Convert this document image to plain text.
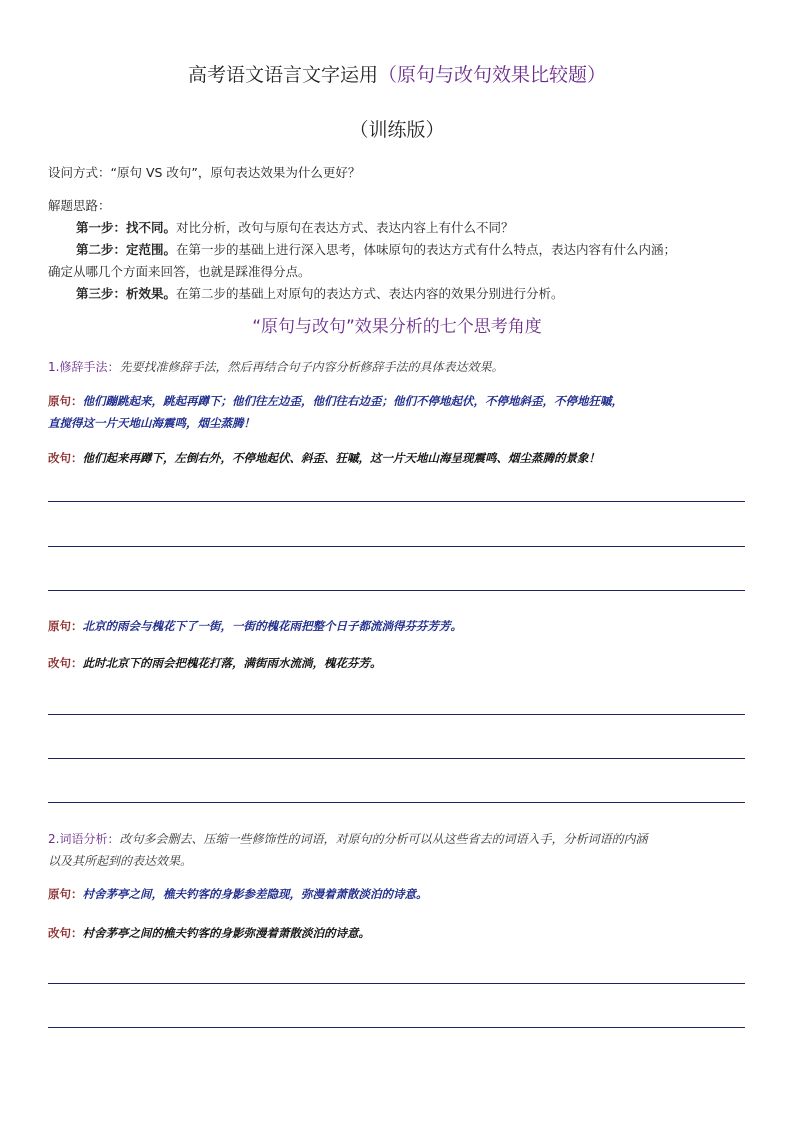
高考语文语言文字运用（原句与改句效果比较题）
（训练版）
设问方式：“原句 VS 改句”，原句表达效果为什么更好？
解题思路：
第一步：找不同。对比分析，改句与原句在表达方式、表达内容上有什么不同？
第二步：定范围。在第一步的基础上进行深入思考，体味原句的表达方式有什么特点，表达内容有什么内涵；
确定从哪几个方面来回答，也就是踩准得分点。
第三步：析效果。在第二步的基础上对原句的表达方式、表达内容的效果分别进行分析。
“原句与改句”效果分析的七个思考角度
1.修辞手法：先要找准修辞手法，然后再结合句子内容分析修辞手法的具体表达效果。
原句：他们蹦跳起来，跳起再蹲下；他们往左边歪，他们往右边歪；他们不停地起伏，不停地斜歪，不停地狂嘁，
直搅得这一片天地山海震鸣，烟尘蒸腾！
改句：他们起来再蹲下，左倒右外，不停地起伏、斜歪、狂嘁，这一片天地山海呈现震鸣、烟尘蒸腾的景象！
原句：北京的雨会与槐花下了一街，一街的槐花雨把整个日子都流淌得芬芬芳芳。
改句：此时北京下的雨会把槐花打落，满街雨水流淌，槐花芬芳。
2.词语分析：改句多会删去、压缩一些修饰性的词语，对原句的分析可以从这些省去的词语入手，分析词语的内涵
以及其所起到的表达效果。
原句：村舍茅亭之间，樵夫钓客的身影参差隐现，弥漫着萧散淡泊的诗意。
改句：村舍茅亭之间的樵夫钓客的身影弥漫着萧散淡泊的诗意。
